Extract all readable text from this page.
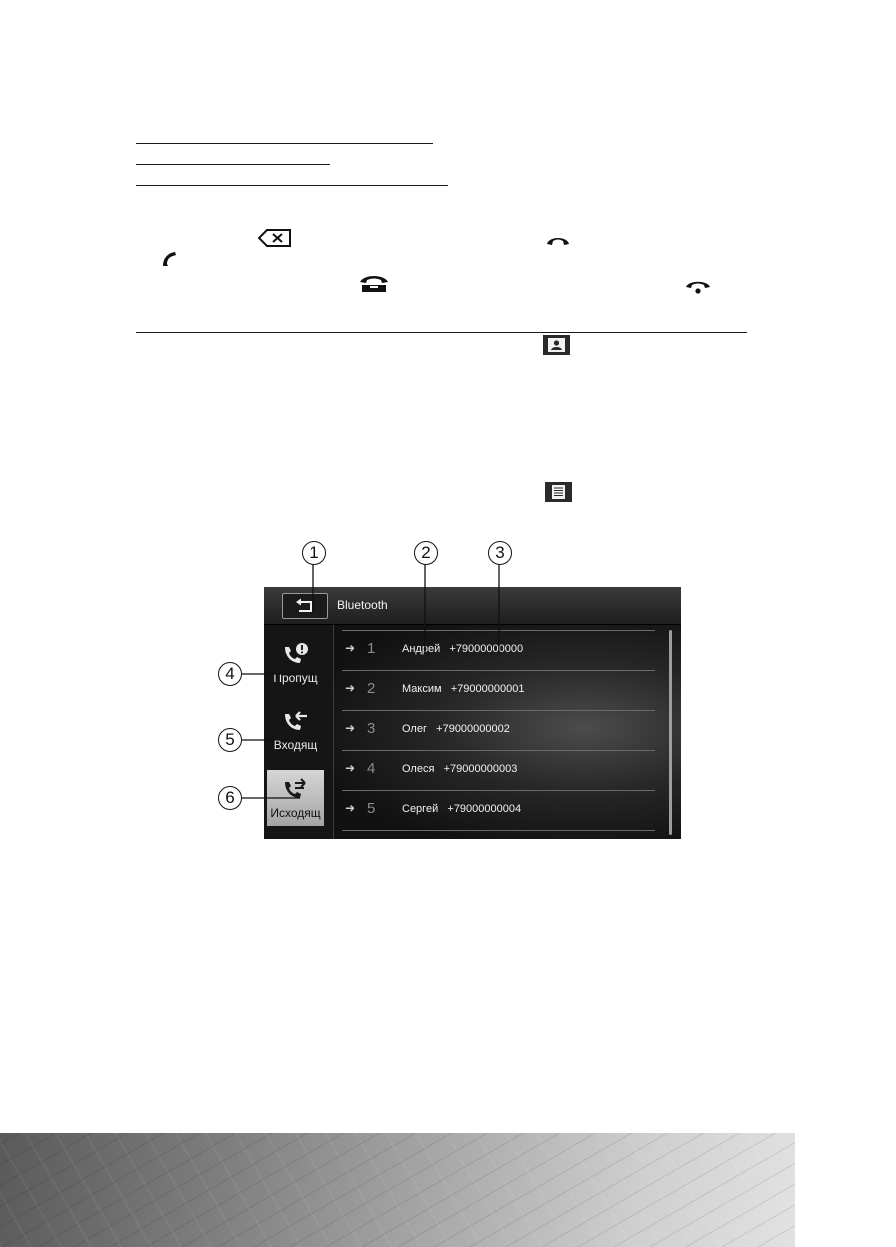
Bluetooth
Пропущ
Входящ
Исходящ
➜ 1 Андрей +79000000000
➜ 2 Максим +79000000001
➜ 3 Олег +79000000002
➜ 4 Олеся +79000000003
➜ 5 Сергей +79000000004
1	2	3
4
5
6
